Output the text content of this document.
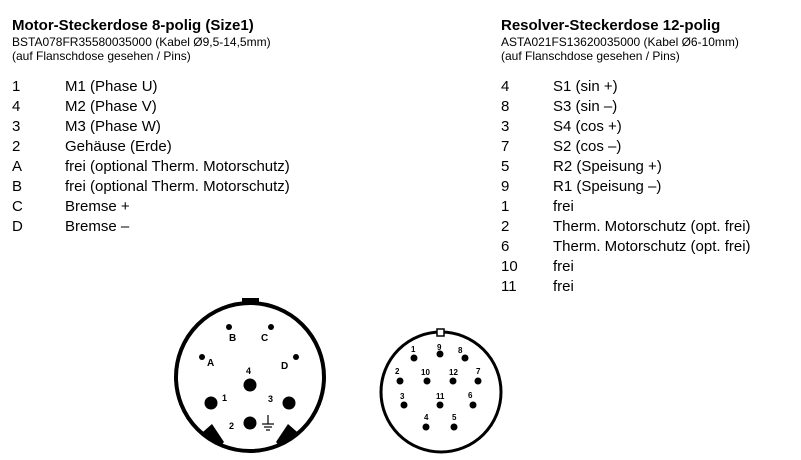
Motor-Steckerdose 8-polig (Size1)
BSTA078FR35580035000 (Kabel Ø9,5-14,5mm)
(auf Flanschdose gesehen / Pins)
1	M1 (Phase U)
4	M2 (Phase V)
3	M3 (Phase W)
2	Gehäuse (Erde)
A	frei (optional Therm. Motorschutz)
B	frei (optional Therm. Motorschutz)
C	Bremse +
D	Bremse –
Resolver-Steckerdose 12-polig
ASTA021FS13620035000 (Kabel Ø6-10mm)
(auf Flanschdose gesehen / Pins)
4	S1 (sin +)
8	S3 (sin –)
3	S4 (cos +)
7	S2 (cos –)
5	R2 (Speisung +)
9	R1 (Speisung –)
1	frei
2	Therm. Motorschutz (opt. frei)
6	Therm. Motorschutz (opt. frei)
10 frei
11 frei
B C
A	D
4
1	3
2
1	9 8
2	10 12 7
3	11	6
4	5
